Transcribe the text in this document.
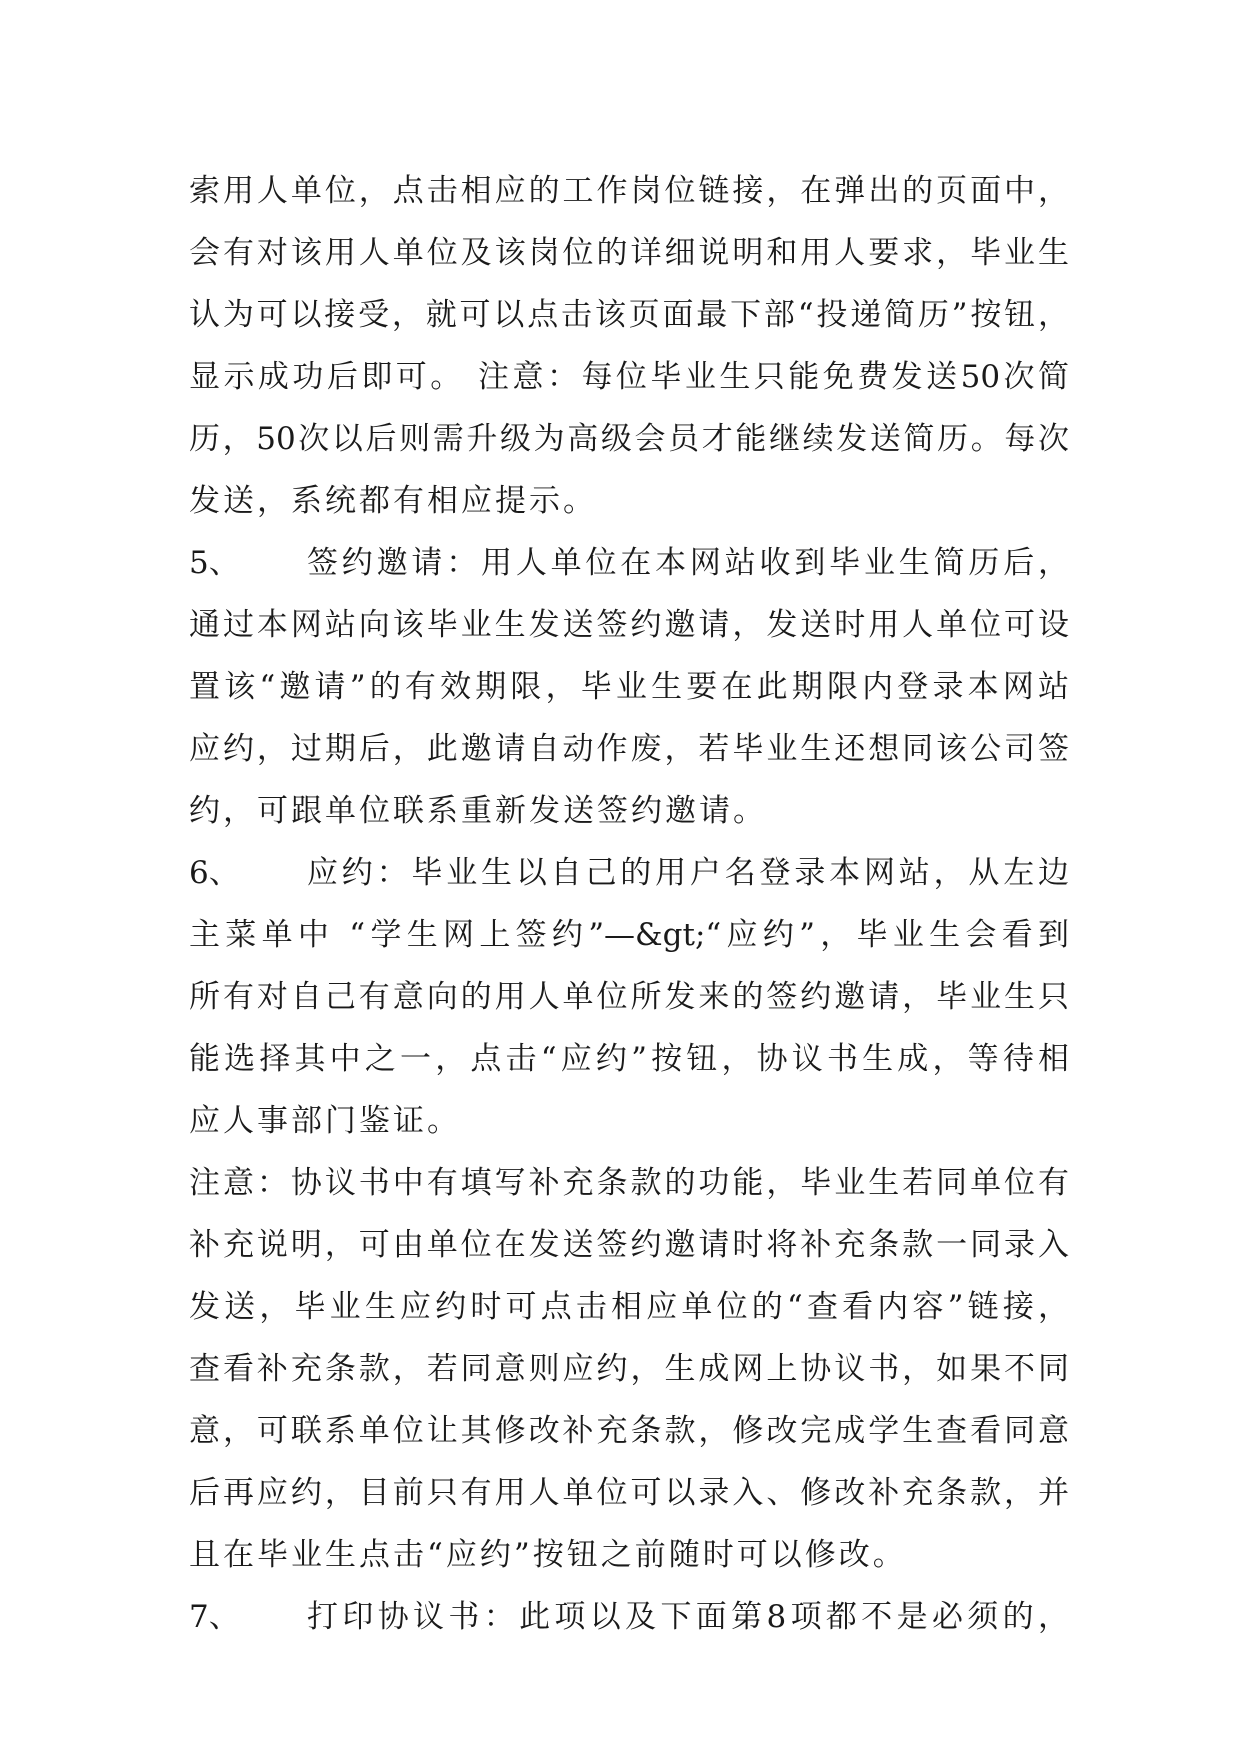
索用人单位，点击相应的工作岗位链接，在弹出的页面中，
会有对该用人单位及该岗位的详细说明和用人要求，毕业生
认为可以接受，就可以点击该页面最下部“投递简历”按钮，
显示成功后即可。 注意：每位毕业生只能免费发送50次简
历，50次以后则需升级为高级会员才能继续发送简历。每次
发送，系统都有相应提示。
5、	签约邀请：用人单位在本网站收到毕业生简历后，
通过本网站向该毕业生发送签约邀请，发送时用人单位可设
置该“邀请”的有效期限，毕业生要在此期限内登录本网站
应约，过期后，此邀请自动作废，若毕业生还想同该公司签
约，可跟单位联系重新发送签约邀请。
6、	应约：毕业生以自己的用户名登录本网站，从左边
主菜单中 “学生网上签约”—&gt;“应约”，毕业生会看到
所有对自己有意向的用人单位所发来的签约邀请，毕业生只
能选择其中之一，点击“应约”按钮，协议书生成，等待相
应人事部门鉴证。
注意：协议书中有填写补充条款的功能，毕业生若同单位有
补充说明，可由单位在发送签约邀请时将补充条款一同录入
发送，毕业生应约时可点击相应单位的“查看内容”链接，
查看补充条款，若同意则应约，生成网上协议书，如果不同
意，可联系单位让其修改补充条款，修改完成学生查看同意
后再应约，目前只有用人单位可以录入、修改补充条款，并
且在毕业生点击“应约”按钮之前随时可以修改。
7、	打印协议书：此项以及下面第8项都不是必须的，
